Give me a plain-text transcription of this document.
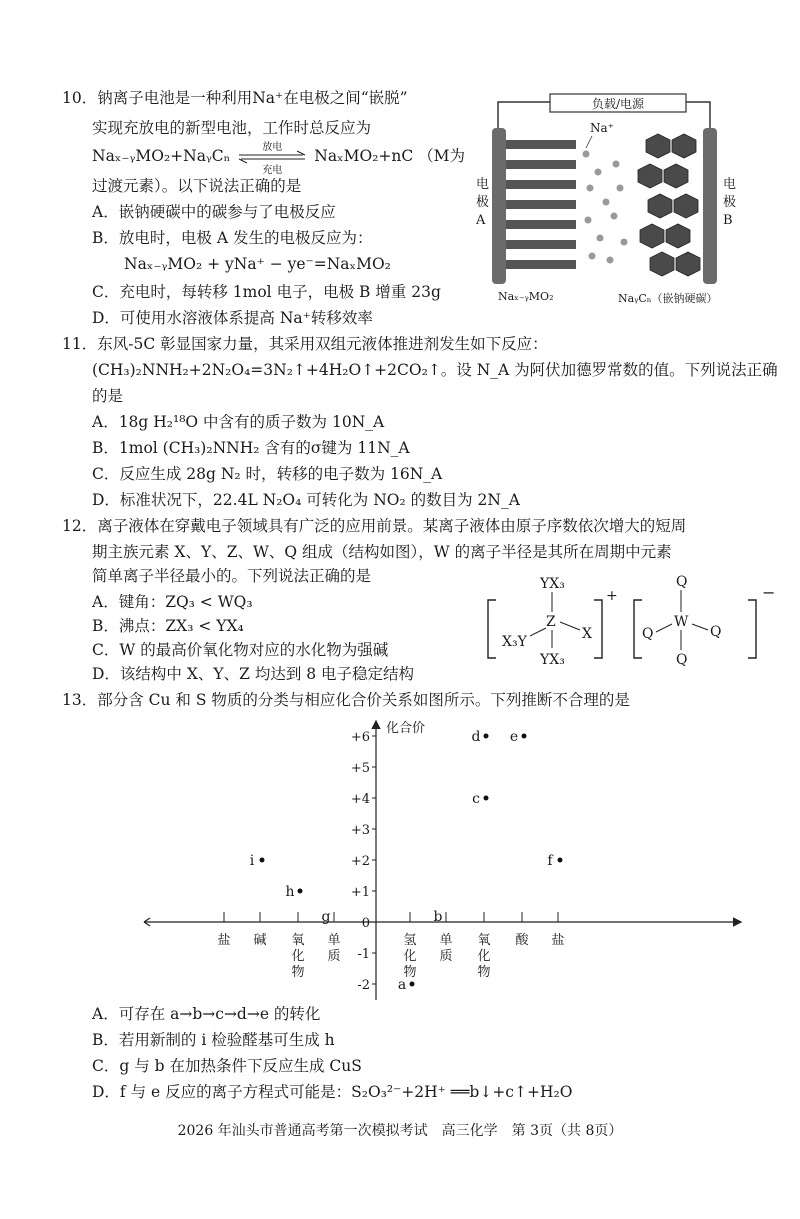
10．钠离子电池是一种利用Na⁺在电极之间“嵌脱”
实现充放电的新型电池，工作时总反应为
Naₓ₋ᵧMO₂+NaᵧCₙ	放电
充电
NaₓMO₂+nC （M为
过渡元素）。以下说法正确的是
A．嵌钠硬碳中的碳参与了电极反应
B．放电时，电极 A 发生的电极反应为：
Naₓ₋ᵧMO₂ + yNa⁺ − ye⁻=NaₓMO₂
C．充电时，每转移 1mol 电子，电极 B 增重 23g
D．可使用水溶液体系提高 Na⁺转移效率
负载/电源
Na⁺
电
极
A
电
极
B
Naₓ₋ᵧMO₂	NaᵧCₙ（嵌钠硬碳）
11．东风-5C 彰显国家力量，其采用双组元液体推进剂发生如下反应：
(CH₃)₂NNH₂+2N₂O₄=3N₂↑+4H₂O↑+2CO₂↑。设 N_A 为阿伏加德罗常数的值。下列说法正确
的是
A．18g H₂¹⁸O 中含有的质子数为 10N_A
B．1mol (CH₃)₂NNH₂ 含有的σ键为 11N_A
C．反应生成 28g N₂ 时，转移的电子数为 16N_A
D．标准状况下，22.4L N₂O₄ 可转化为 NO₂ 的数目为 2N_A
12．离子液体在穿戴电子领域具有广泛的应用前景。某离子液体由原子序数依次增大的短周
期主族元素 X、Y、Z、W、Q 组成（结构如图），W 的离子半径是其所在周期中元素
简单离子半径最小的。下列说法正确的是
A．键角：ZQ₃ < WQ₃
B．沸点：ZX₃ < YX₄
C．W 的最高价氧化物对应的水化物为强碱
D．该结构中 X、Y、Z 均达到 8 电子稳定结构
+
YX₃
Z
X
X₃Y
YX₃
−
Q
W
Q	Q
Q
13．部分含 Cu 和 S 物质的分类与相应化合价关系如图所示。下列推断不合理的是
化合价
+6
+5
+4
+3
+2
+1
0
-1
-2
盐 碱 氧
化
物
单
质
氢
化
物
单
质
氧
化
物
酸 盐
i
h
g
a
b
c
d e
f
A．可存在 a→b→c→d→e 的转化
B．若用新制的 i 检验醛基可生成 h
C．g 与 b 在加热条件下反应生成 CuS
D．f 与 e 反应的离子方程式可能是：S₂O₃²⁻+2H⁺ ══b↓+c↑+H₂O
2026 年汕头市普通高考第一次模拟考试　高三化学　第 3页（共 8页）
